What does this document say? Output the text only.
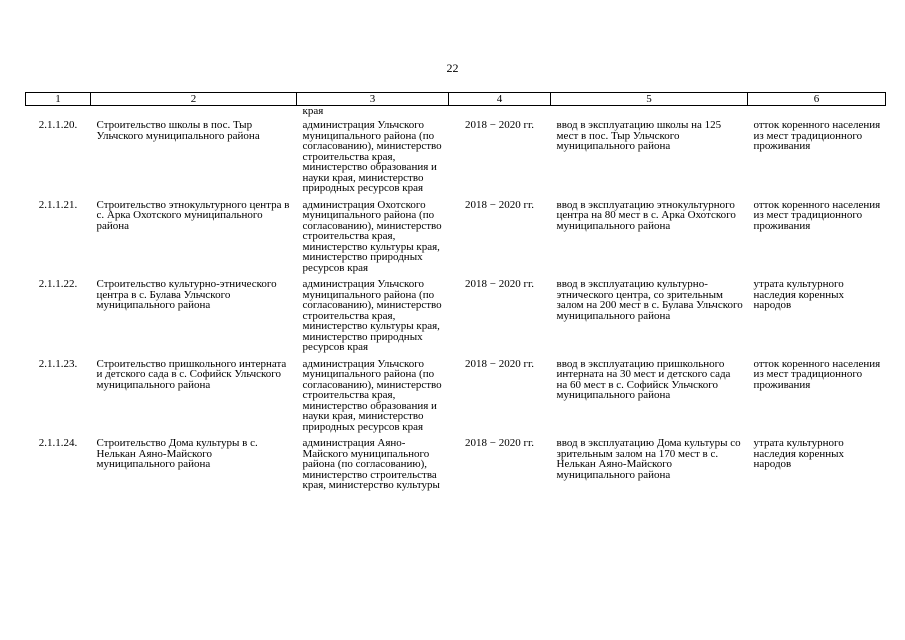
22
1	2	3	4	5	6
		края			
2.1.1.20.	Строительство школы в пос. Тыр Ульчского муниципального района	администрация Ульчского муниципального района (по согласованию), министерство строительства края, министерство образования и науки края, министерство природных ресурсов края	2018 − 2020 гг.	ввод в эксплуатацию школы на 125 мест в пос. Тыр Ульчского муниципального района	отток коренного населения из мест традиционного проживания

2.1.1.21.	Строительство этнокультурного центра в с. Арка Охотского муниципального района	администрация Охотского муниципального района (по согласованию), министерство строительства края, министерство культуры края, министерство природных ресурсов края	2018 − 2020 гг.	ввод в эксплуатацию этнокультурного центра на 80 мест в с. Арка Охотского муниципального района	отток коренного населения из мест традиционного проживания

2.1.1.22.	Строительство культурно-этнического центра в с. Булава Ульчского муниципального района	администрация Ульчского муниципального района (по согласованию), министерство строительства края, министерство культуры края, министерство природных ресурсов края	2018 − 2020 гг.	ввод в эксплуатацию культурно-этнического центра, со зрительным залом на 200 мест в с. Булава Ульчского муниципального района	утрата культурного наследия коренных народов

2.1.1.23.	Строительство пришкольного интерната и детского сада в с. Софийск Ульчского муниципального района	администрация Ульчского муниципального района (по согласованию), министерство строительства края, министерство образования и науки края, министерство природных ресурсов края	2018 − 2020 гг.	ввод в эксплуатацию пришкольного интерната на 30 мест и детского сада на 60 мест в с. Софийск Ульчского муниципального района	отток коренного населения из мест традиционного проживания

2.1.1.24.	Строительство Дома культуры в с. Нелькан Аяно-Майского муниципального района	администрация Аяно-Майского муниципального района (по согласованию), министерство строительства края, министерство культуры	2018 − 2020 гг.	ввод в эксплуатацию Дома культуры со зрительным залом на 170 мест в с. Нелькан Аяно-Майского муниципального района	утрата культурного наследия коренных народов
